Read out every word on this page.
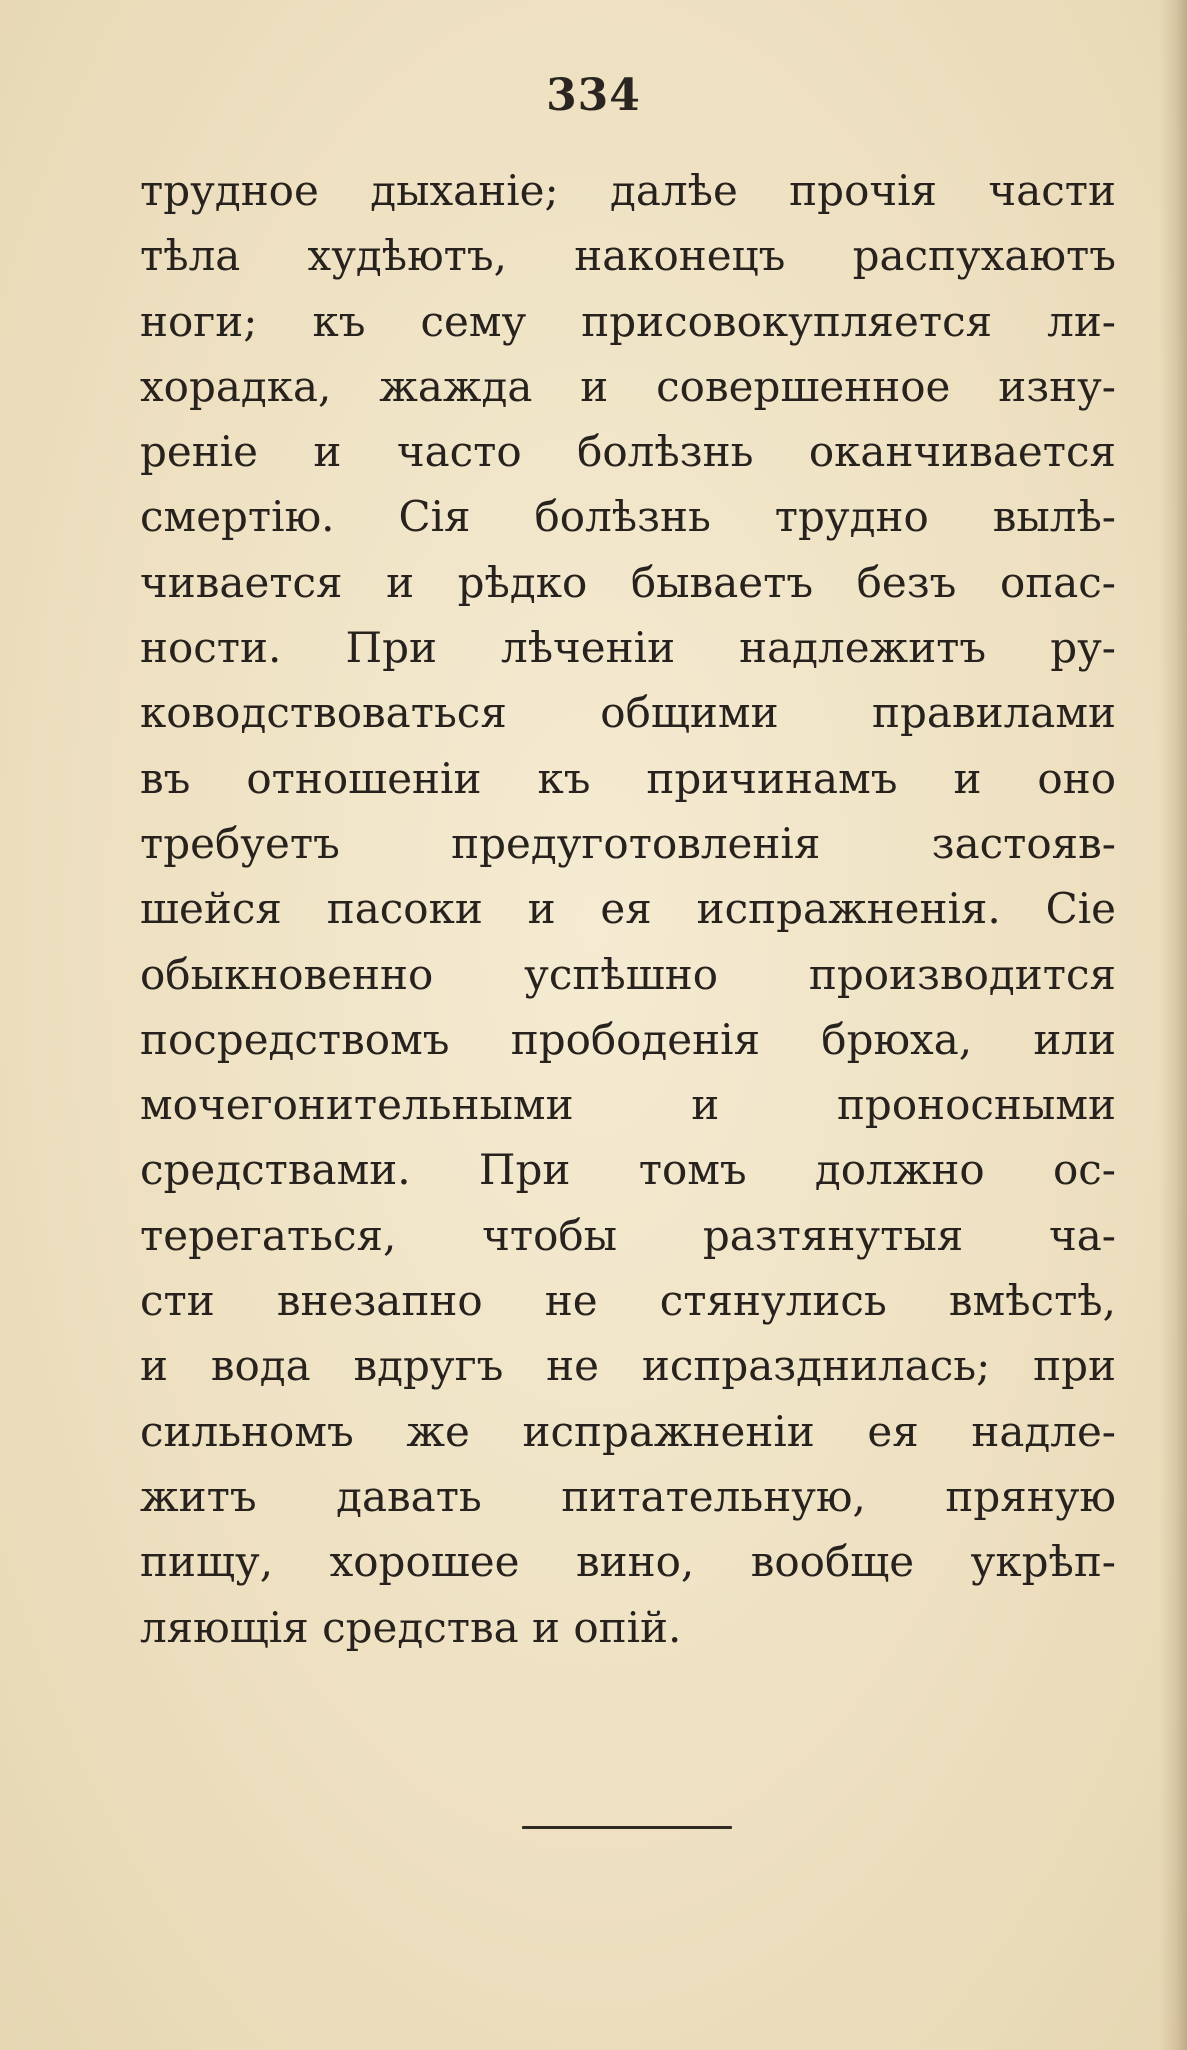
334
трудное дыханіе; далѣе прочія части
тѣла худѣютъ, наконецъ распухаютъ
ноги; къ сему присовокупляется ли-
хорадка, жажда и совершенное изну-
реніе и часто болѣзнь оканчивается
смертію. Сія болѣзнь трудно вылѣ-
чивается и рѣдко бываетъ безъ опас-
ности. При лѣченіи надлежитъ ру-
ководствоваться общими правилами
въ отношеніи къ причинамъ и оно
требуетъ предуготовленія застояв-
шейся пасоки и ея испражненія. Сіе
обыкновенно успѣшно производится
посредствомъ прободенія брюха, или
мочегонительными и проносными
средствами. При томъ должно ос-
терегаться, чтобы разтянутыя ча-
сти внезапно не стянулись вмѣстѣ,
и вода вдругъ не испразднилась; при
сильномъ же испражненіи ея надле-
житъ давать питательную, пряную
пищу, хорошее вино, вообще укрѣп-
ляющія средства и опій.
